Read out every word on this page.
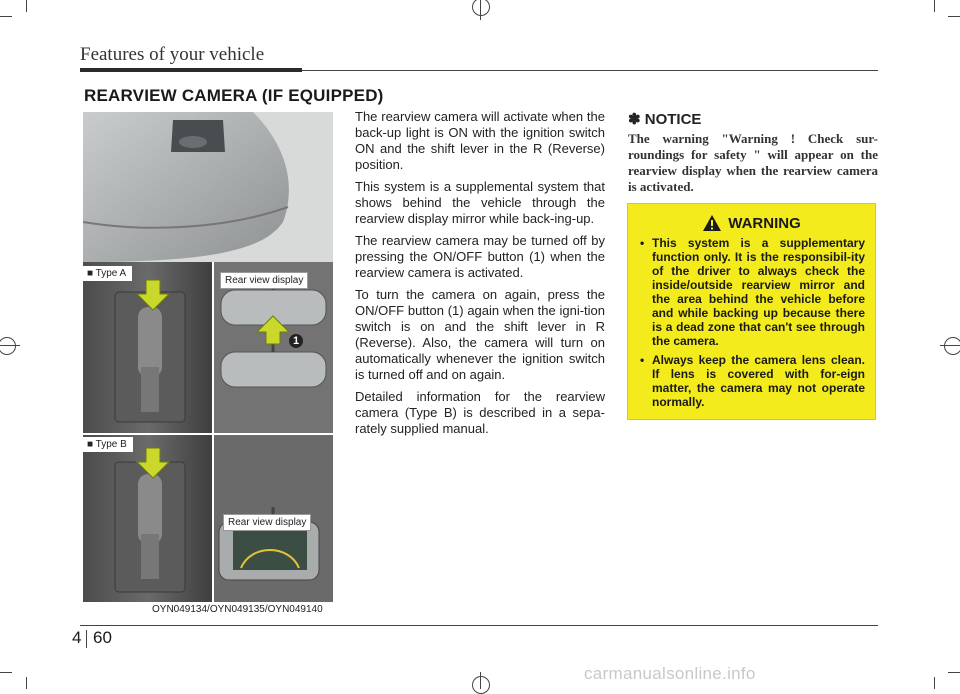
Features of your vehicle
REARVIEW CAMERA (IF EQUIPPED)
■ Type A
■ Type B
Rear view display
Rear view display
1
OYN049134/OYN049135/OYN049140

The rearview camera will activate when the back-up light is ON with the ignition switch ON and the shift lever in the R (Reverse) position.

This system is a supplemental system that shows behind the vehicle through the rearview display mirror while back-ing-up.

The rearview camera may be turned off by pressing the ON/OFF button (1) when the rearview camera is activated.

To turn the camera on again, press the ON/OFF button (1) again when the igni-tion switch is on and the shift lever in R (Reverse). Also, the camera will turn on automatically whenever the ignition switch is turned off and on again.

Detailed information for the rearview camera (Type B) is described in a sepa-rately supplied manual.

✽ NOTICE
The warning "Warning ! Check sur-roundings for safety " will appear on the rearview display when the rearview camera is activated.
WARNING
• This system is a supplementary function only. It is the responsibil-ity of the driver to always check the inside/outside rearview mirror and the area behind the vehicle before and while backing up because there is a dead zone that can't see through the camera.
• Always keep the camera lens clean. If lens is covered with for-eign matter, the camera may not operate normally.
4 60
carmanualsonline.info
